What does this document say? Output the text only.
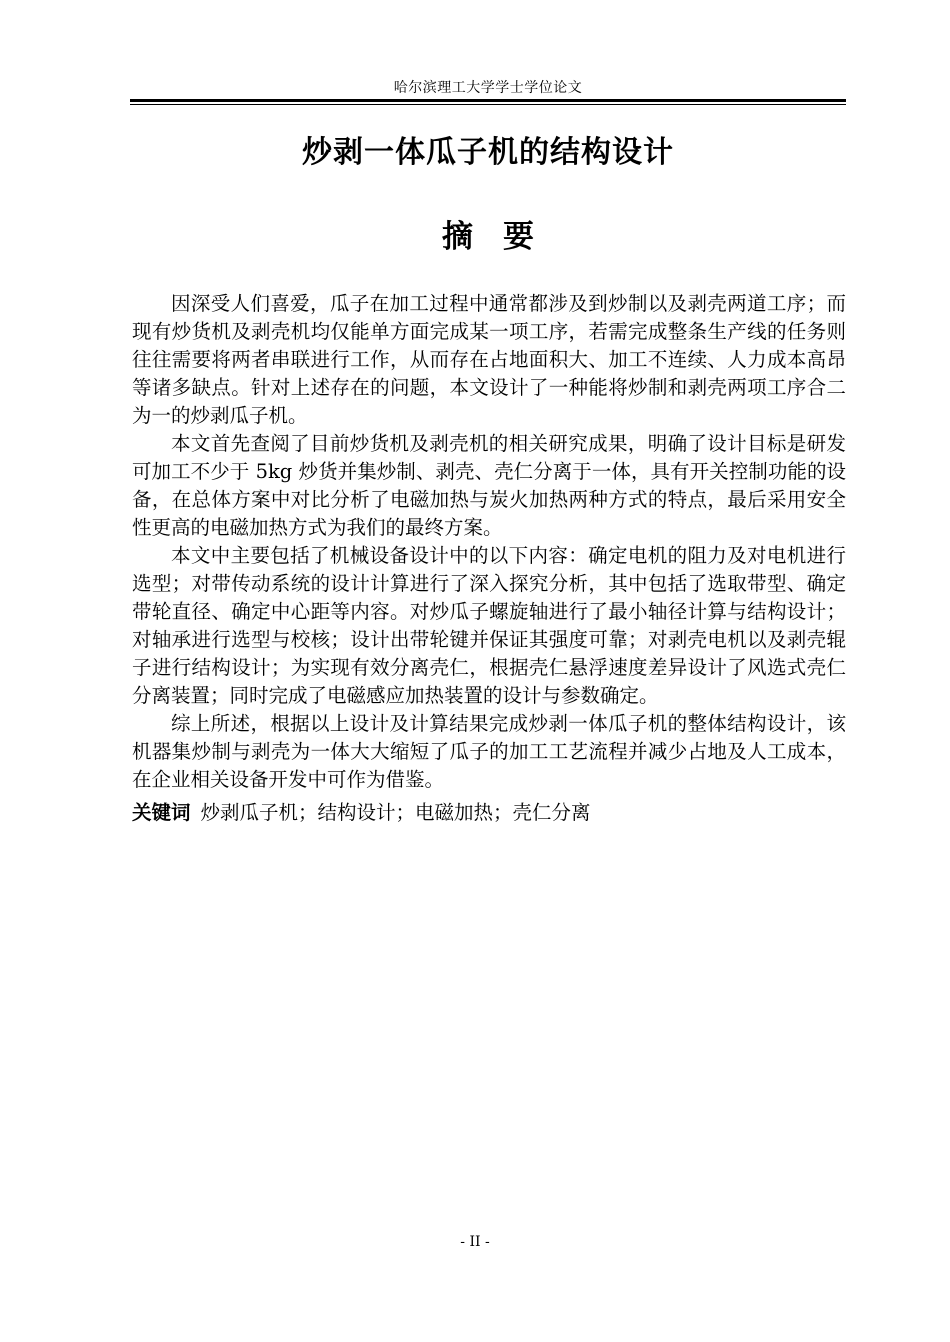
哈尔滨理工大学学士学位论文
炒剥一体瓜子机的结构设计
摘要

因深受人们喜爱，瓜子在加工过程中通常都涉及到炒制以及剥壳两道工序；而现有炒货机及剥壳机均仅能单方面完成某一项工序，若需完成整条生产线的任务则往往需要将两者串联进行工作，从而存在占地面积大、加工不连续、人力成本高昂等诸多缺点。针对上述存在的问题，本文设计了一种能将炒制和剥壳两项工序合二为一的炒剥瓜子机。

本文首先查阅了目前炒货机及剥壳机的相关研究成果，明确了设计目标是研发可加工不少于 5kg 炒货并集炒制、剥壳、壳仁分离于一体，具有开关控制功能的设备，在总体方案中对比分析了电磁加热与炭火加热两种方式的特点，最后采用安全性更高的电磁加热方式为我们的最终方案。

本文中主要包括了机械设备设计中的以下内容：确定电机的阻力及对电机进行选型；对带传动系统的设计计算进行了深入探究分析，其中包括了选取带型、确定带轮直径、确定中心距等内容。对炒瓜子螺旋轴进行了最小轴径计算与结构设计；对轴承进行选型与校核；设计出带轮键并保证其强度可靠；对剥壳电机以及剥壳辊子进行结构设计；为实现有效分离壳仁，根据壳仁悬浮速度差异设计了风选式壳仁分离装置；同时完成了电磁感应加热装置的设计与参数确定。

综上所述，根据以上设计及计算结果完成炒剥一体瓜子机的整体结构设计，该机器集炒制与剥壳为一体大大缩短了瓜子的加工工艺流程并减少占地及人工成本，在企业相关设备开发中可作为借鉴。

关键词 炒剥瓜子机；结构设计；电磁加热；壳仁分离
- II -
